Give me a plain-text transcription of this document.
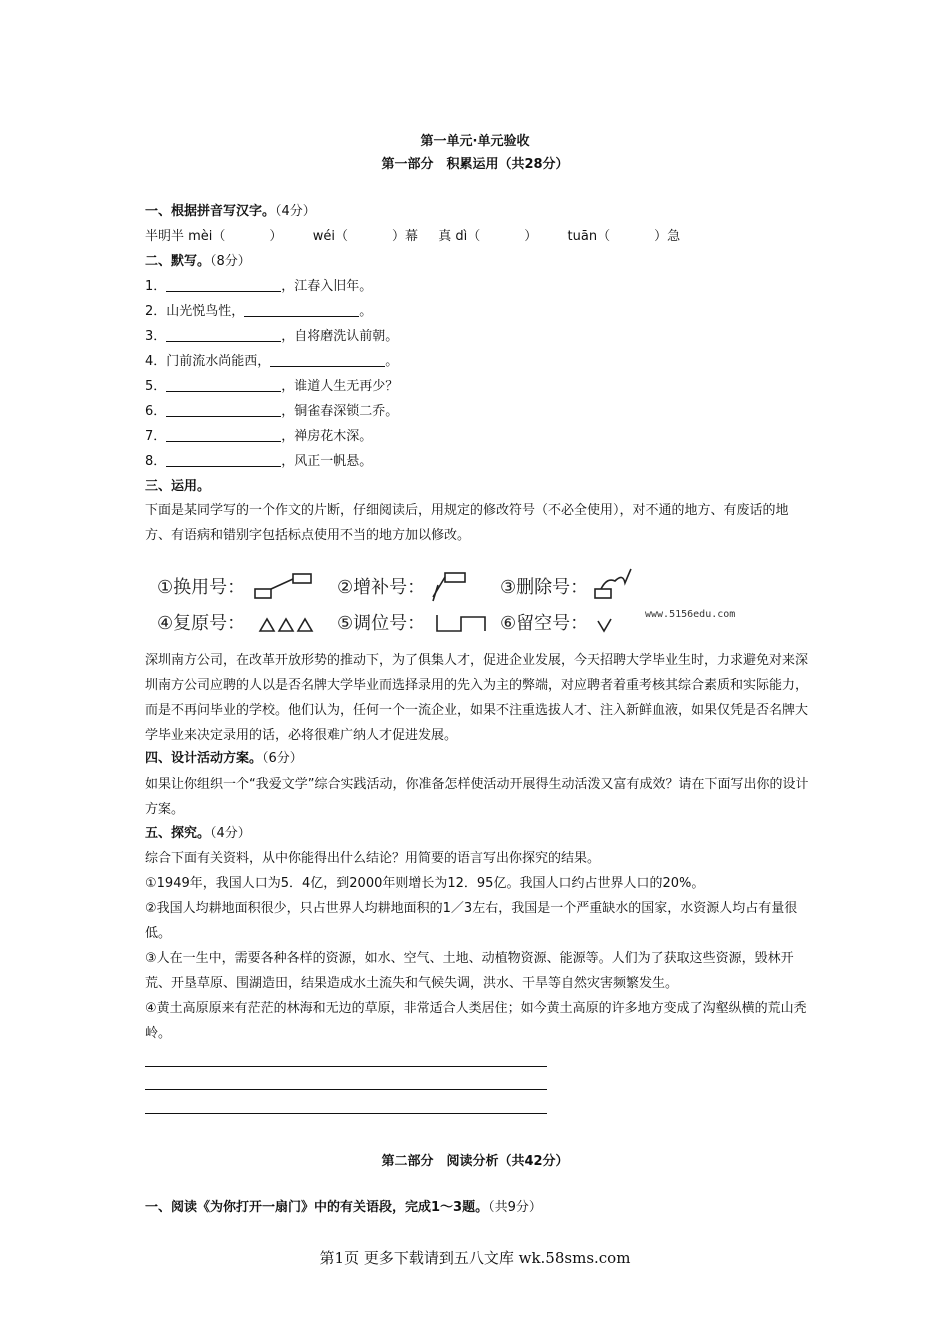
第一单元·单元验收
第一部分　积累运用（共28分）
一、根据拼音写汉字。（4分）
半明半 mèi（	） wéi（	）幕 真 dì（	） tuān（	）急
二、默写。（8分）
1．	，江春入旧年。
2．山光悦鸟性，	。
3．	，自将磨洗认前朝。
4．门前流水尚能西，	。
5．	，谁道人生无再少？
6．	，铜雀春深锁二乔。
7．	，禅房花木深。
8．	，风正一帆悬。
三、运用。
下面是某同学写的一个作文的片断，仔细阅读后，用规定的修改符号（不必全使用），对不通的地方、有废话的地方、有语病和错别字包括标点使用不当的地方加以修改。
①换用号：	②增补号：	③删除号：
④复原号：	⑤调位号：	⑥留空号：	www.5156edu.com
深圳南方公司，在改革开放形势的推动下，为了俱集人才，促进企业发展，今天招聘大学毕业生时，力求避免对来深圳南方公司应聘的人以是否名牌大学毕业而选择录用的先入为主的弊端，对应聘者着重考核其综合素质和实际能力，而是不再问毕业的学校。他们认为，任何一个一流企业，如果不注重选拔人才、注入新鲜血液，如果仅凭是否名牌大学毕业来决定录用的话，必将很难广纳人才促进发展。
四、设计活动方案。（6分）
如果让你组织一个“我爱文学”综合实践活动，你准备怎样使活动开展得生动活泼又富有成效？请在下面写出你的设计方案。
五、探究。（4分）
综合下面有关资料，从中你能得出什么结论？用简要的语言写出你探究的结果。
①1949年，我国人口为5．4亿，到2000年则增长为12．95亿。我国人口约占世界人口的20%。
②我国人均耕地面积很少，只占世界人均耕地面积的1／3左右，我国是一个严重缺水的国家，水资源人均占有量很低。
③人在一生中，需要各种各样的资源，如水、空气、土地、动植物资源、能源等。人们为了获取这些资源，毁林开荒、开垦草原、围湖造田，结果造成水土流失和气候失调，洪水、干旱等自然灾害频繁发生。
④黄土高原原来有茫茫的林海和无边的草原，非常适合人类居住；如今黄土高原的许多地方变成了沟壑纵横的荒山秃岭。
第二部分　阅读分析（共42分）
一、阅读《为你打开一扇门》中的有关语段，完成1～3题。（共9分）
第1页 更多下载请到五八文库 wk.58sms.com
